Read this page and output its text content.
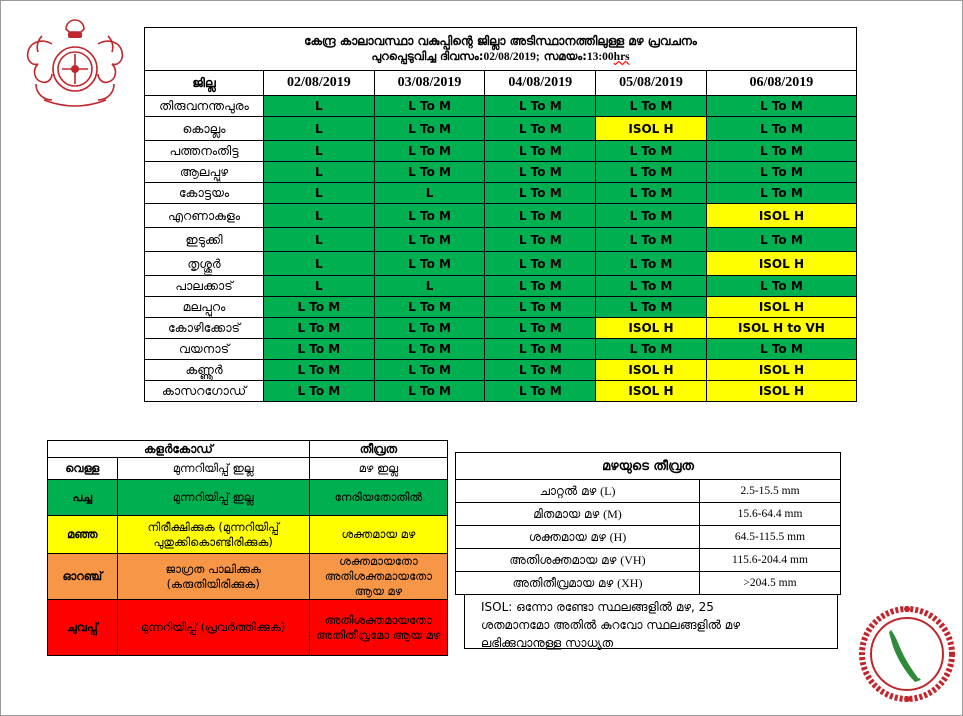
കേന്ദ്ര കാലാവസ്ഥാ വകുപ്പിന്റെ ജില്ലാ അടിസ്ഥാനത്തിലുള്ള മഴ പ്രവചനം
പുറപ്പെടുവിച്ച ദിവസം:02/08/2019; സമയം:13:00hrs					

ജില്ല	02/08/2019	03/08/2019	04/08/2019	05/08/2019	06/08/2019
തിരുവനന്തപുരം	L	L To M	L To M	L To M	L To M
കൊല്ലം	L	L To M	L To M	ISOL H	L To M
പത്തനംതിട്ട	L	L To M	L To M	L To M	L To M
ആലപ്പുഴ	L	L To M	L To M	L To M	L To M
കോട്ടയം	L	L	L To M	L To M	L To M
എറണാകുളം	L	L To M	L To M	L To M	ISOL H
ഇടുക്കി	L	L To M	L To M	L To M	L To M
തൃശ്ശൂർ	L	L To M	L To M	L To M	ISOL H
പാലക്കാട്	L	L	L To M	L To M	L To M
മലപ്പുറം	L To M	L To M	L To M	L To M	ISOL H
കോഴിക്കോട്	L To M	L To M	L To M	ISOL H	ISOL H to VH
വയനാട്	L To M	L To M	L To M	L To M	L To M
കണ്ണൂർ	L To M	L To M	L To M	ISOL H	ISOL H
കാസറഗോഡ്	L To M	L To M	L To M	ISOL H	ISOL H
കളർകോഡ്		തീവ്രത
വെള്ള	മുന്നറിയിപ്പ് ഇല്ല	മഴ ഇല്ല
പച്ച	മുന്നറിയിപ്പ് ഇല്ല	നേരിയതോതിൽ
മഞ്ഞ	നിരീക്ഷിക്കുക (മുന്നറിയിപ്പ് പുതുക്കികൊണ്ടിരിക്കുക)	ശക്തമായ മഴ
ഓറഞ്ച്	ജാഗ്രത പാലിക്കുക (കരുതിയിരിക്കുക)	ശക്തമായതോ അതിശക്തമായതോ ആയ മഴ
ചുവപ്പ്	മുന്നറിയിപ്പ് (പ്രവർത്തിക്കുക)	അതിശക്തമായതോ അതിതീവ്രമോ ആയ മഴ
മഴയുടെ തീവ്രത	
ചാറ്റൽ മഴ (L)	2.5-15.5 mm
മിതമായ മഴ (M)	15.6-64.4 mm
ശക്തമായ മഴ (H)	64.5-115.5 mm
അതിശക്തമായ മഴ (VH)	115.6-204.4 mm
അതിതീവ്രമായ മഴ (XH)	>204.5 mm
ISOL: ഒന്നോ രണ്ടോ സ്ഥലങ്ങളിൽ മഴ, 25
ശതമാനമോ അതിൽ കുറവോ സ്ഥലങ്ങളിൽ മഴ
ലഭിക്കുവാനുള്ള സാധ്യത
